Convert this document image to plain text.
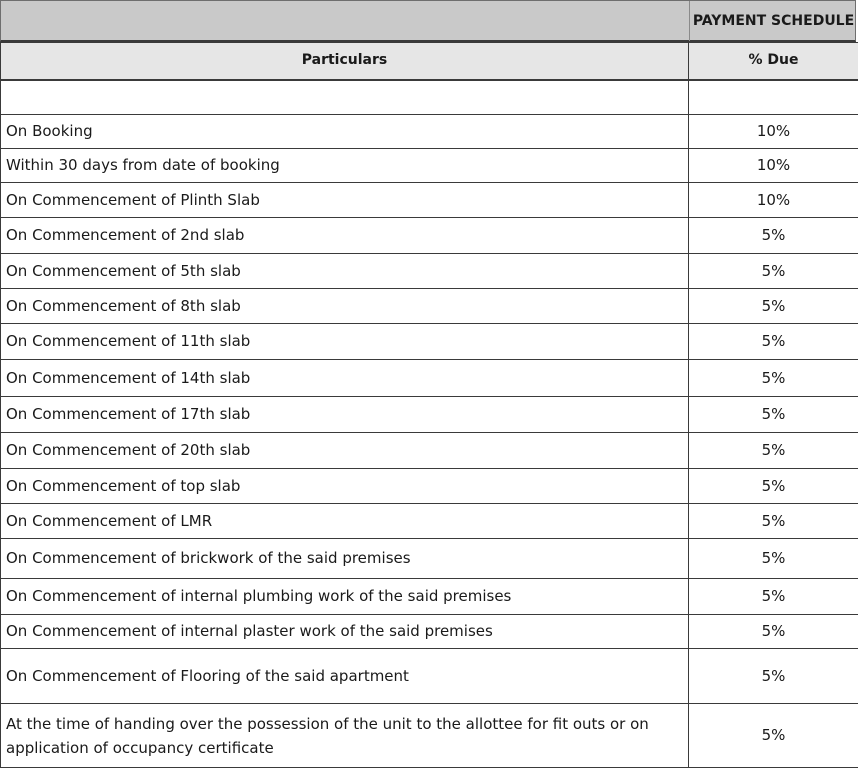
PAYMENT SCHEDULE
Particulars	% Due

On Booking	10%
Within 30 days from date of booking	10%
On Commencement of Plinth Slab	10%
On Commencement of 2nd slab	5%
On Commencement of 5th slab	5%
On Commencement of 8th slab	5%
On Commencement of 11th slab	5%
On Commencement of 14th slab	5%
On Commencement of 17th slab	5%
On Commencement of 20th slab	5%
On Commencement of top slab	5%
On Commencement of LMR	5%
On Commencement of brickwork of the said premises	5%
On Commencement of internal plumbing work of the said premises	5%
On Commencement of internal plaster work of the said premises	5%
On Commencement of Flooring of the said apartment	5%
At the time of handing over the possession of the unit to the allottee for fit outs or on application of occupancy certificate	5%
